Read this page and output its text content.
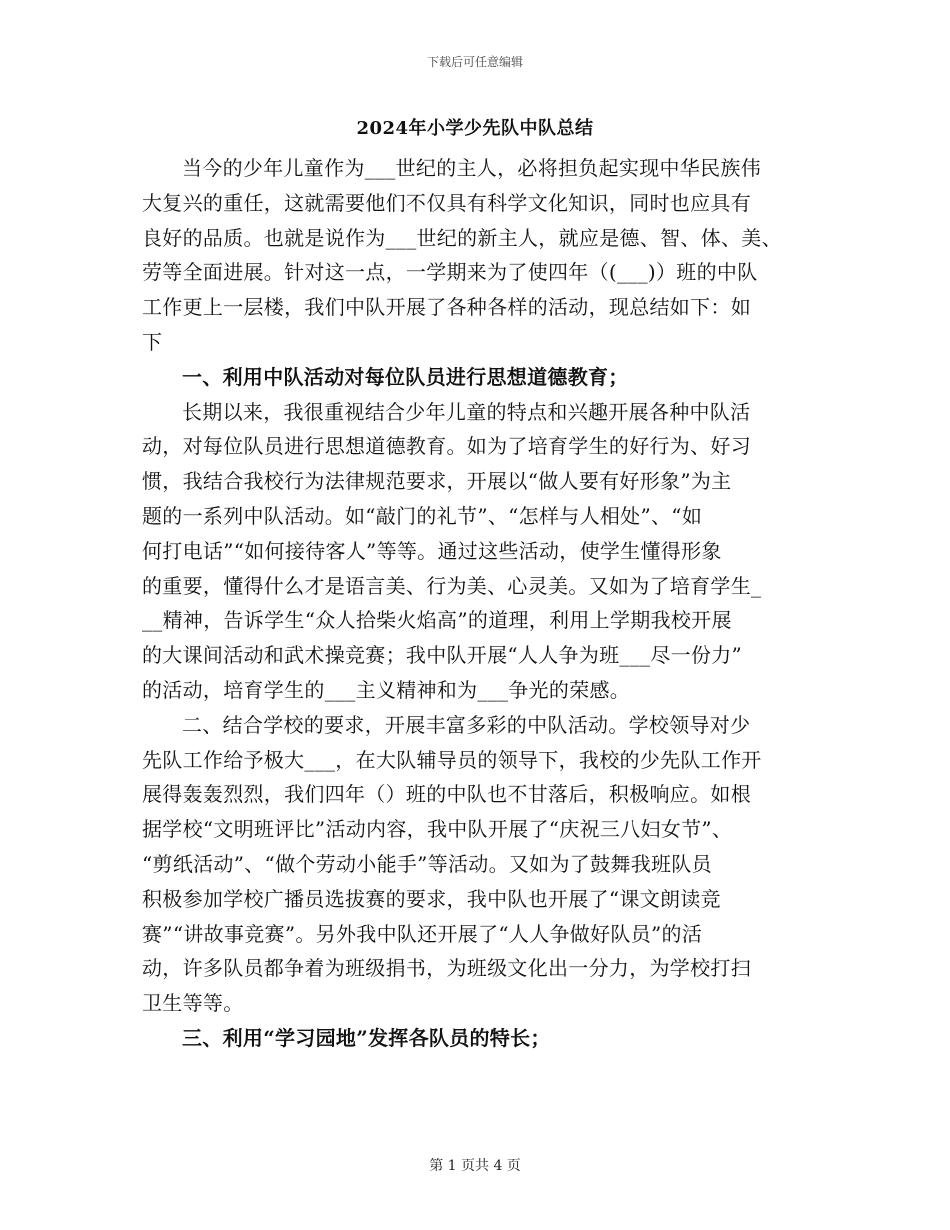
下载后可任意编辑
2024年小学少先队中队总结
当今的少年儿童作为___世纪的主人，必将担负起实现中华民族伟
大复兴的重任，这就需要他们不仅具有科学文化知识，同时也应具有
良好的品质。也就是说作为___世纪的新主人，就应是德、智、体、美、
劳等全面进展。针对这一点，一学期来为了使四年（(___)）班的中队
工作更上一层楼，我们中队开展了各种各样的活动，现总结如下：如
下
一、利用中队活动对每位队员进行思想道德教育；
长期以来，我很重视结合少年儿童的特点和兴趣开展各种中队活
动，对每位队员进行思想道德教育。如为了培育学生的好行为、好习
惯，我结合我校行为法律规范要求，开展以“做人要有好形象”为主
题的一系列中队活动。如“敲门的礼节”、“怎样与人相处”、“如
何打电话”“如何接待客人”等等。通过这些活动，使学生懂得形象
的重要，懂得什么才是语言美、行为美、心灵美。又如为了培育学生_
__精神，告诉学生“众人拾柴火焰高”的道理，利用上学期我校开展
的大课间活动和武术操竞赛；我中队开展“人人争为班___尽一份力”
的活动，培育学生的___主义精神和为___争光的荣感。
二、结合学校的要求，开展丰富多彩的中队活动。学校领导对少
先队工作给予极大___，在大队辅导员的领导下，我校的少先队工作开
展得轰轰烈烈，我们四年（）班的中队也不甘落后，积极响应。如根
据学校“文明班评比”活动内容，我中队开展了“庆祝三八妇女节”、
“剪纸活动”、“做个劳动小能手”等活动。又如为了鼓舞我班队员
积极参加学校广播员选拔赛的要求，我中队也开展了“课文朗读竞
赛”“讲故事竞赛”。另外我中队还开展了“人人争做好队员”的活
动，许多队员都争着为班级捐书，为班级文化出一分力，为学校打扫
卫生等等。
三、利用“学习园地”发挥各队员的特长；
第 1 页共 4 页
